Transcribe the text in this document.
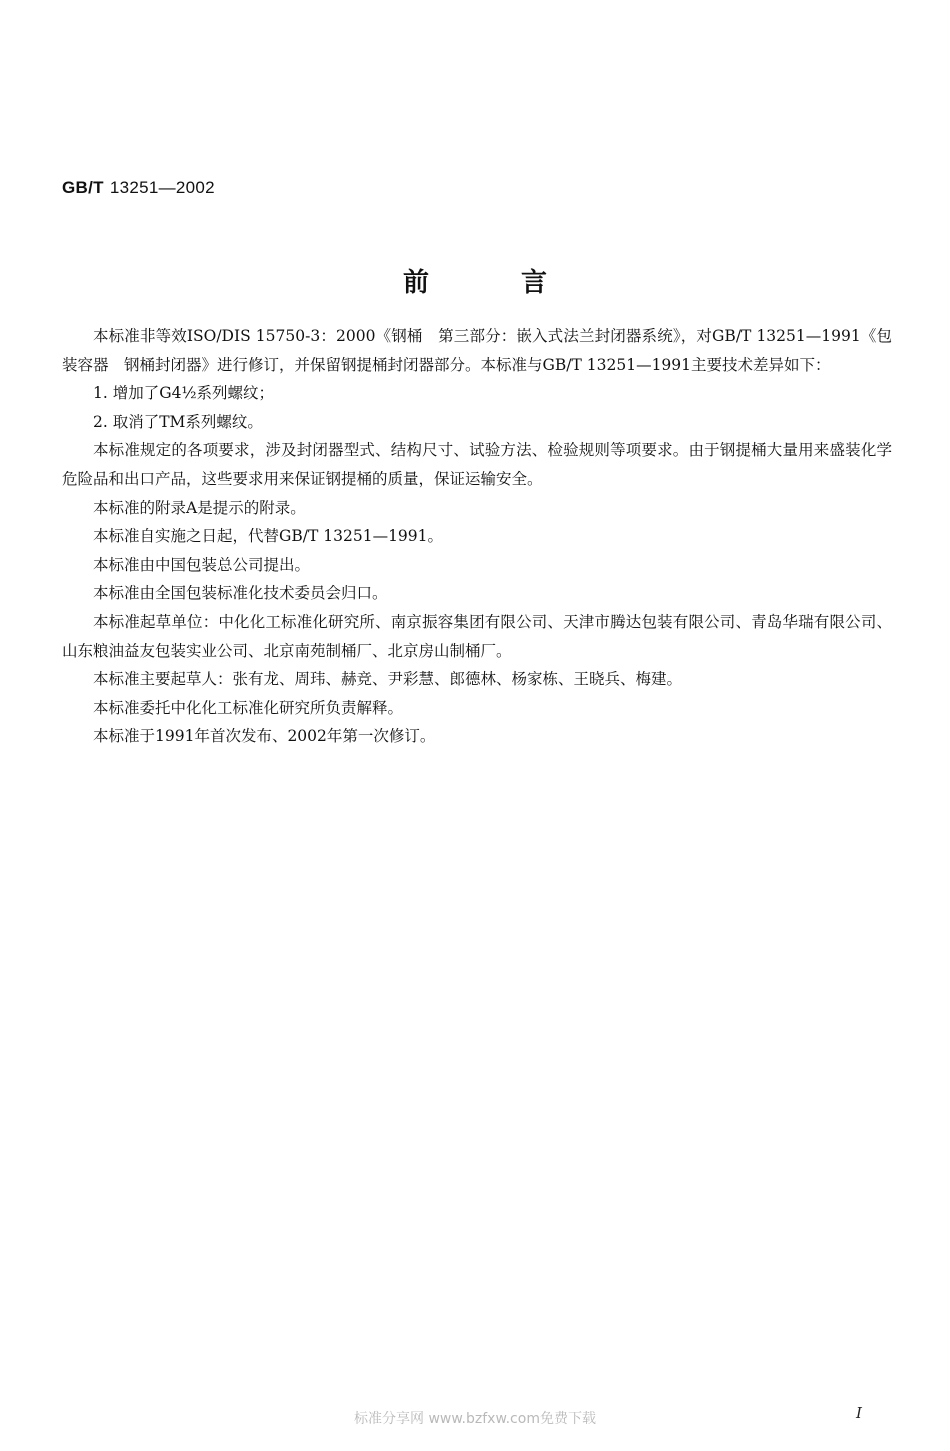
GB/T 13251—2002
前言

本标准非等效ISO/DIS 15750-3：2000《钢桶　第三部分：嵌入式法兰封闭器系统》，对GB/T 13251—1991《包装容器　钢桶封闭器》进行修订，并保留钢提桶封闭器部分。本标准与GB/T 13251—1991主要技术差异如下：

1. 增加了G4½系列螺纹；

2. 取消了TM系列螺纹。

本标准规定的各项要求，涉及封闭器型式、结构尺寸、试验方法、检验规则等项要求。由于钢提桶大量用来盛装化学危险品和出口产品，这些要求用来保证钢提桶的质量，保证运输安全。

本标准的附录A是提示的附录。

本标准自实施之日起，代替GB/T 13251—1991。

本标准由中国包装总公司提出。

本标准由全国包装标准化技术委员会归口。

本标准起草单位：中化化工标准化研究所、南京振容集团有限公司、天津市腾达包装有限公司、青岛华瑞有限公司、山东粮油益友包装实业公司、北京南苑制桶厂、北京房山制桶厂。

本标准主要起草人：张有龙、周玮、赫竞、尹彩慧、郎德林、杨家栋、王晓兵、梅建。

本标准委托中化化工标准化研究所负责解释。

本标准于1991年首次发布、2002年第一次修订。

标准分享网 www.bzfxw.com免费下载	I
